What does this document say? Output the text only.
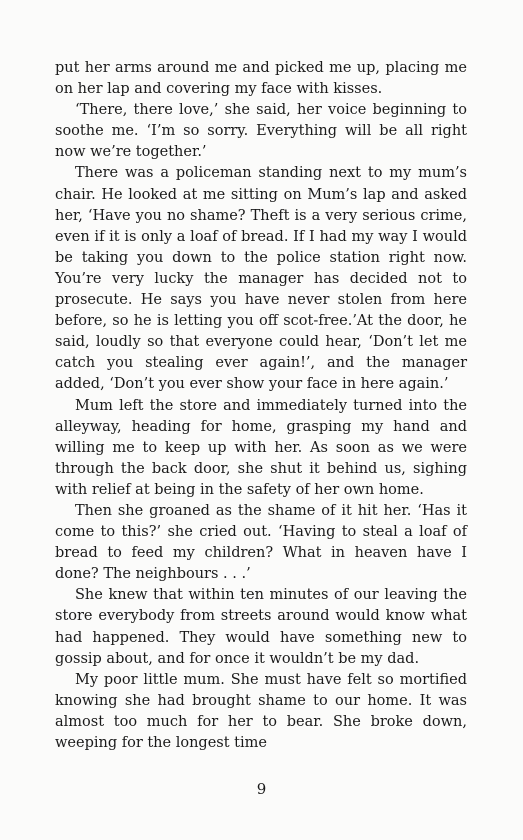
put her arms around me and picked me up, placing me on her lap and covering my face with kisses.

‘There, there love,’ she said, her voice beginning to soothe me. ‘I’m so sorry. Everything will be all right now we’re together.’

There was a policeman standing next to my mum’s chair. He looked at me sitting on Mum’s lap and asked her, ‘Have you no shame? Theft is a very serious crime, even if it is only a loaf of bread. If I had my way I would be taking you down to the police station right now. You’re very lucky the manager has decided not to prosecute. He says you have never stolen from here before, so he is letting you off scot-free.’At the door, he said, loudly so that everyone could hear, ‘Don’t let me catch you stealing ever again!’, and the manager added, ‘Don’t you ever show your face in here again.’

Mum left the store and immediately turned into the alleyway, heading for home, grasping my hand and willing me to keep up with her. As soon as we were through the back door, she shut it behind us, sighing with relief at being in the safety of her own home.

Then she groaned as the shame of it hit her. ‘Has it come to this?’ she cried out. ‘Having to steal a loaf of bread to feed my children? What in heaven have I done? The neighbours . . .’

She knew that within ten minutes of our leaving the store everybody from streets around would know what had happened. They would have something new to gossip about, and for once it wouldn’t be my dad.

My poor little mum. She must have felt so mortified knowing she had brought shame to our home. It was almost too much for her to bear. She broke down, weeping for the longest time

9
